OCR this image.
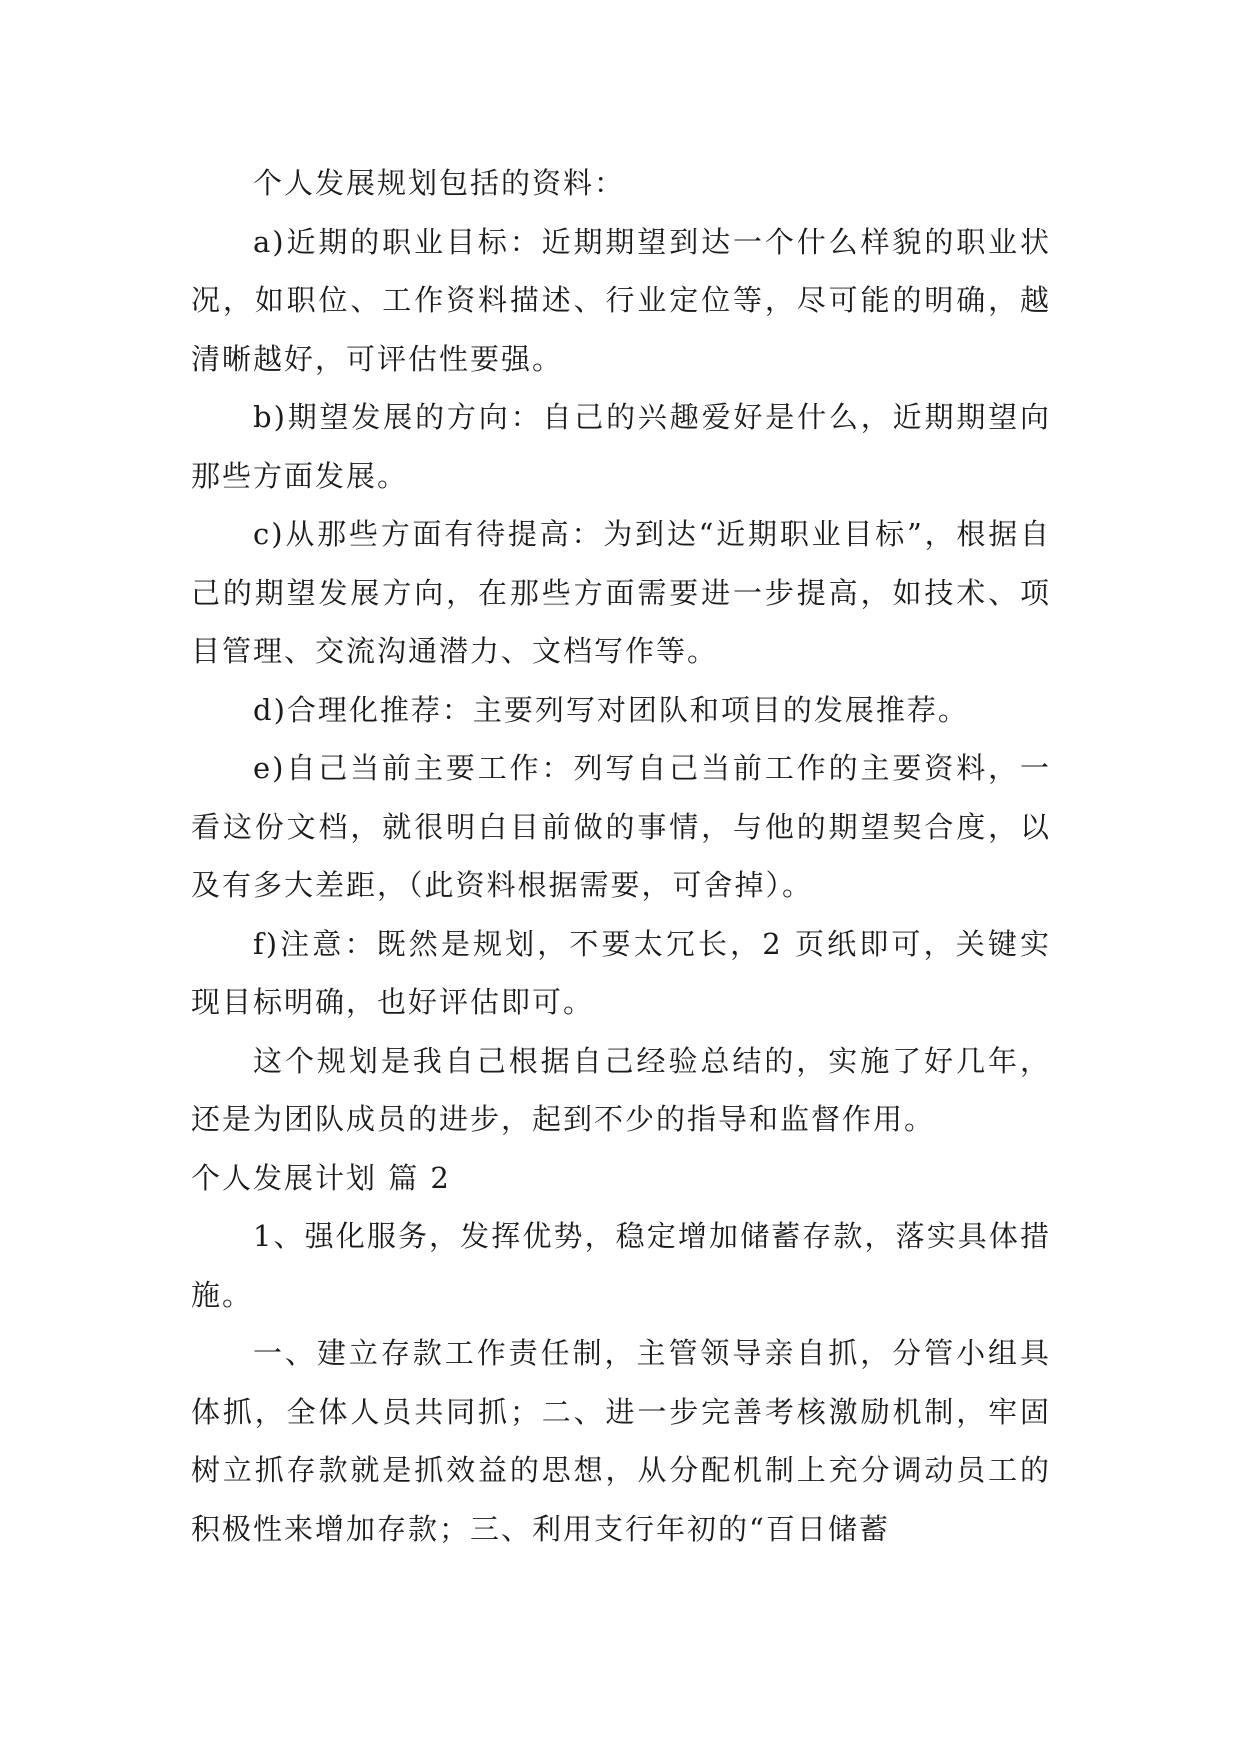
个人发展规划包括的资料：

a)近期的职业目标：近期期望到达一个什么样貌的职业状况，如职位、工作资料描述、行业定位等，尽可能的明确，越清晰越好，可评估性要强。

b)期望发展的方向：自己的兴趣爱好是什么，近期期望向那些方面发展。

c)从那些方面有待提高：为到达“近期职业目标”，根据自己的期望发展方向，在那些方面需要进一步提高，如技术、项目管理、交流沟通潜力、文档写作等。

d)合理化推荐：主要列写对团队和项目的发展推荐。

e)自己当前主要工作：列写自己当前工作的主要资料，一看这份文档，就很明白目前做的事情，与他的期望契合度，以及有多大差距，（此资料根据需要，可舍掉）。

f)注意：既然是规划，不要太冗长，2 页纸即可，关键实现目标明确，也好评估即可。

这个规划是我自己根据自己经验总结的，实施了好几年，还是为团队成员的进步，起到不少的指导和监督作用。

个人发展计划 篇 2

1、强化服务，发挥优势，稳定增加储蓄存款，落实具体措施。

一、建立存款工作责任制，主管领导亲自抓，分管小组具体抓，全体人员共同抓；二、进一步完善考核激励机制，牢固树立抓存款就是抓效益的思想，从分配机制上充分调动员工的积极性来增加存款；三、利用支行年初的“百日储蓄
